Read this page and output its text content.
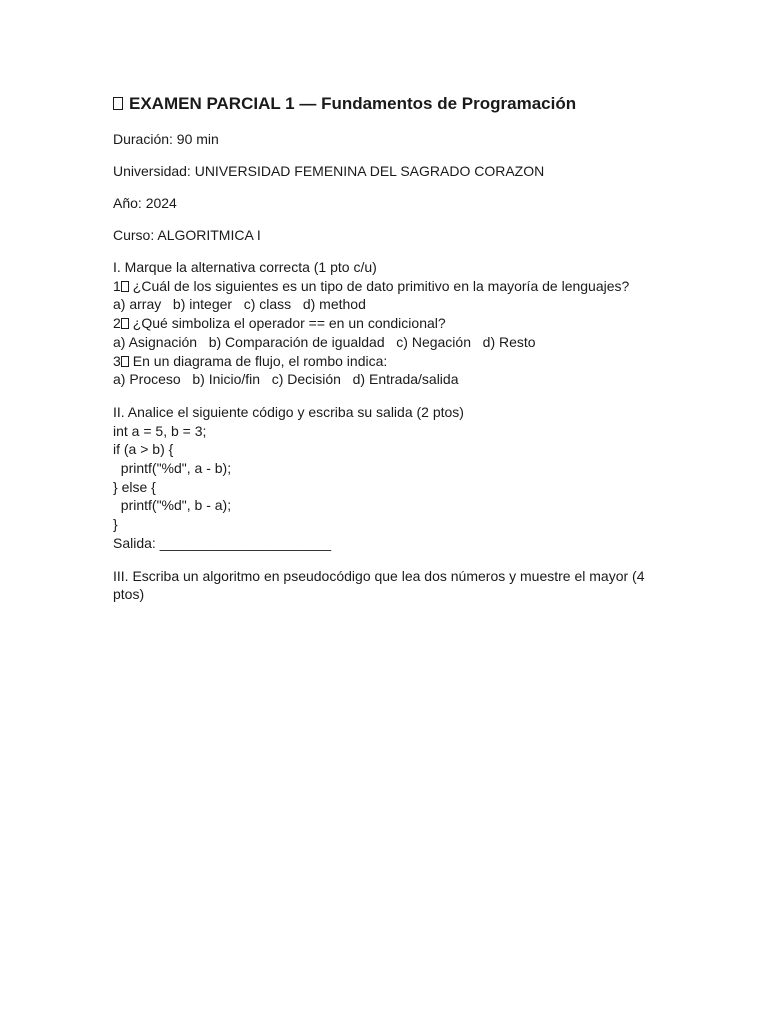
EXAMEN PARCIAL 1 — Fundamentos de Programación
Duración: 90 min
Universidad: UNIVERSIDAD FEMENINA DEL SAGRADO CORAZON
Año: 2024
Curso: ALGORITMICA I
I. Marque la alternativa correcta (1 pto c/u)
1 ¿Cuál de los siguientes es un tipo de dato primitivo en la mayoría de lenguajes?
a) array   b) integer   c) class   d) method
2 ¿Qué simboliza el operador == en un condicional?
a) Asignación   b) Comparación de igualdad   c) Negación   d) Resto
3 En un diagrama de flujo, el rombo indica:
a) Proceso   b) Inicio/fin   c) Decisión   d) Entrada/salida
II. Analice el siguiente código y escriba su salida (2 ptos)
int a = 5, b = 3;
if (a > b) {
printf("%d", a - b);
} else {
printf("%d", b - a);
}
Salida: ______________________
III. Escriba un algoritmo en pseudocódigo que lea dos números y muestre el mayor (4 ptos)
